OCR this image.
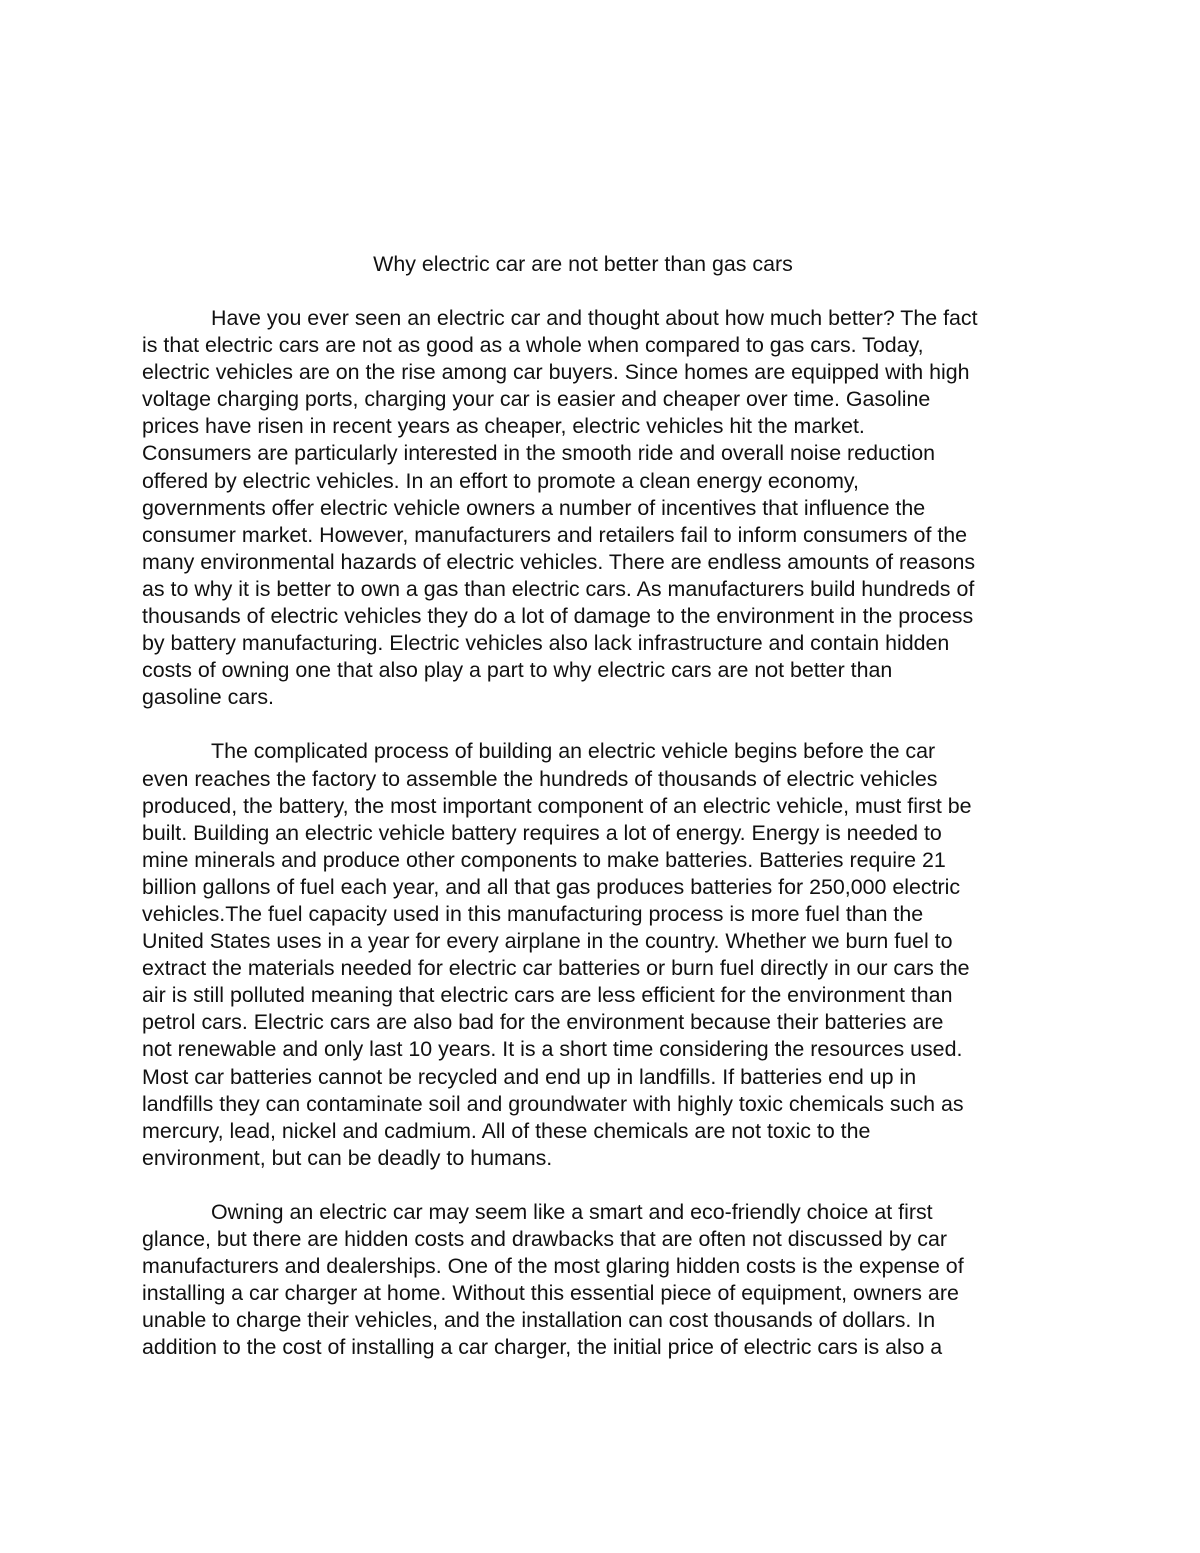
Why electric car are not better than gas cars

Have you ever seen an electric car and thought about how much better? The fact
is that electric cars are not as good as a whole when compared to gas cars. Today,
electric vehicles are on the rise among car buyers. Since homes are equipped with high
voltage charging ports, charging your car is easier and cheaper over time. Gasoline
prices have risen in recent years as cheaper, electric vehicles hit the market.
Consumers are particularly interested in the smooth ride and overall noise reduction
offered by electric vehicles. In an effort to promote a clean energy economy,
governments offer electric vehicle owners a number of incentives that influence the
consumer market. However, manufacturers and retailers fail to inform consumers of the
many environmental hazards of electric vehicles. There are endless amounts of reasons
as to why it is better to own a gas than electric cars. As manufacturers build hundreds of
thousands of electric vehicles they do a lot of damage to the environment in the process
by battery manufacturing. Electric vehicles also lack infrastructure and contain hidden
costs of owning one that also play a part to why electric cars are not better than
gasoline cars.

The complicated process of building an electric vehicle begins before the car
even reaches the factory to assemble the hundreds of thousands of electric vehicles
produced, the battery, the most important component of an electric vehicle, must first be
built. Building an electric vehicle battery requires a lot of energy. Energy is needed to
mine minerals and produce other components to make batteries. Batteries require 21
billion gallons of fuel each year, and all that gas produces batteries for 250,000 electric
vehicles.The fuel capacity used in this manufacturing process is more fuel than the
United States uses in a year for every airplane in the country. Whether we burn fuel to
extract the materials needed for electric car batteries or burn fuel directly in our cars the
air is still polluted meaning that electric cars are less efficient for the environment than
petrol cars. Electric cars are also bad for the environment because their batteries are
not renewable and only last 10 years. It is a short time considering the resources used.
Most car batteries cannot be recycled and end up in landfills. If batteries end up in
landfills they can contaminate soil and groundwater with highly toxic chemicals such as
mercury, lead, nickel and cadmium. All of these chemicals are not toxic to the
environment, but can be deadly to humans.

Owning an electric car may seem like a smart and eco-friendly choice at first
glance, but there are hidden costs and drawbacks that are often not discussed by car
manufacturers and dealerships. One of the most glaring hidden costs is the expense of
installing a car charger at home. Without this essential piece of equipment, owners are
unable to charge their vehicles, and the installation can cost thousands of dollars. In
addition to the cost of installing a car charger, the initial price of electric cars is also a
